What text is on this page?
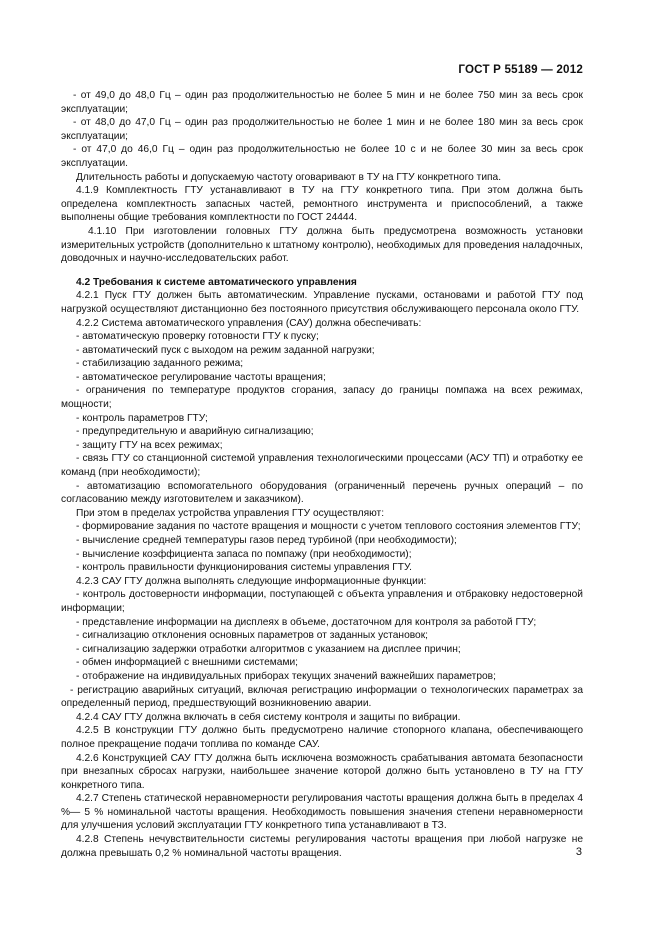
ГОСТ Р 55189 — 2012

- от 49,0 до 48,0 Гц – один раз продолжительностью не более 5 мин и не более 750 мин за весь срок эксплуатации;

- от 48,0 до 47,0 Гц – один раз продолжительностью не более 1 мин и не более 180 мин за весь срок эксплуатации;

- от 47,0 до 46,0 Гц – один раз продолжительностью не более 10 с и не более 30 мин за весь срок эксплуатации.

Длительность работы и допускаемую частоту оговаривают в ТУ на ГТУ конкретного типа.

4.1.9 Комплектность ГТУ устанавливают в ТУ на ГТУ конкретного типа. При этом должна быть определена комплектность запасных частей, ремонтного инструмента и приспособлений, а также выполнены общие требования комплектности по ГОСТ 24444.

4.1.10 При изготовлении головных ГТУ должна быть предусмотрена возможность установки измерительных устройств (дополнительно к штатному контролю), необходимых для проведения наладочных, доводочных и научно-исследовательских работ.

4.2 Требования к системе автоматического управления

4.2.1 Пуск ГТУ должен быть автоматическим. Управление пусками, остановами и работой ГТУ под нагрузкой осуществляют дистанционно без постоянного присутствия обслуживающего персонала около ГТУ.

4.2.2 Система автоматического управления (САУ) должна обеспечивать:

- автоматическую проверку готовности ГТУ к пуску;

- автоматический пуск с выходом на режим заданной нагрузки;

- стабилизацию заданного режима;

- автоматическое регулирование частоты вращения;

- ограничения по температуре продуктов сгорания, запасу до границы помпажа на всех режимах, мощности;

- контроль параметров ГТУ;

- предупредительную и аварийную сигнализацию;

- защиту ГТУ на всех режимах;

- связь ГТУ со станционной системой управления технологическими процессами (АСУ ТП) и отработку ее команд (при необходимости);

- автоматизацию вспомогательного оборудования (ограниченный перечень ручных операций – по согласованию между изготовителем и заказчиком).

При этом в пределах устройства управления ГТУ осуществляют:

- формирование задания по частоте вращения и мощности с учетом теплового состояния элементов ГТУ;

- вычисление средней температуры газов перед турбиной (при необходимости);

- вычисление коэффициента запаса по помпажу (при необходимости);

- контроль правильности функционирования системы управления ГТУ.

4.2.3 САУ ГТУ должна выполнять следующие информационные функции:

- контроль достоверности информации, поступающей с объекта управления и отбраковку недостоверной информации;

- представление информации на дисплеях в объеме, достаточном для контроля за работой ГТУ;

- сигнализацию отклонения основных параметров от заданных установок;

- сигнализацию задержки отработки алгоритмов с указанием на дисплее причин;

- обмен информацией с внешними системами;

- отображение на индивидуальных приборах текущих значений важнейших параметров;

- регистрацию аварийных ситуаций, включая регистрацию информации о технологических параметрах за определенный период, предшествующий возникновению аварии.

4.2.4 САУ ГТУ должна включать в себя систему контроля и защиты по вибрации.

4.2.5 В конструкции ГТУ должно быть предусмотрено наличие стопорного клапана, обеспечивающего полное прекращение подачи топлива по команде САУ.

4.2.6 Конструкцией САУ ГТУ должна быть исключена возможность срабатывания автомата безопасности при внезапных сбросах нагрузки, наибольшее значение которой должно быть установлено в ТУ на ГТУ конкретного типа.

4.2.7 Степень статической неравномерности регулирования частоты вращения должна быть в пределах 4 %— 5 % номинальной частоты вращения. Необходимость повышения значения степени неравномерности для улучшения условий эксплуатации ГТУ конкретного типа устанавливают в ТЗ.

4.2.8 Степень нечувствительности системы регулирования частоты вращения при любой нагрузке не должна превышать 0,2 % номинальной частоты вращения.	3
